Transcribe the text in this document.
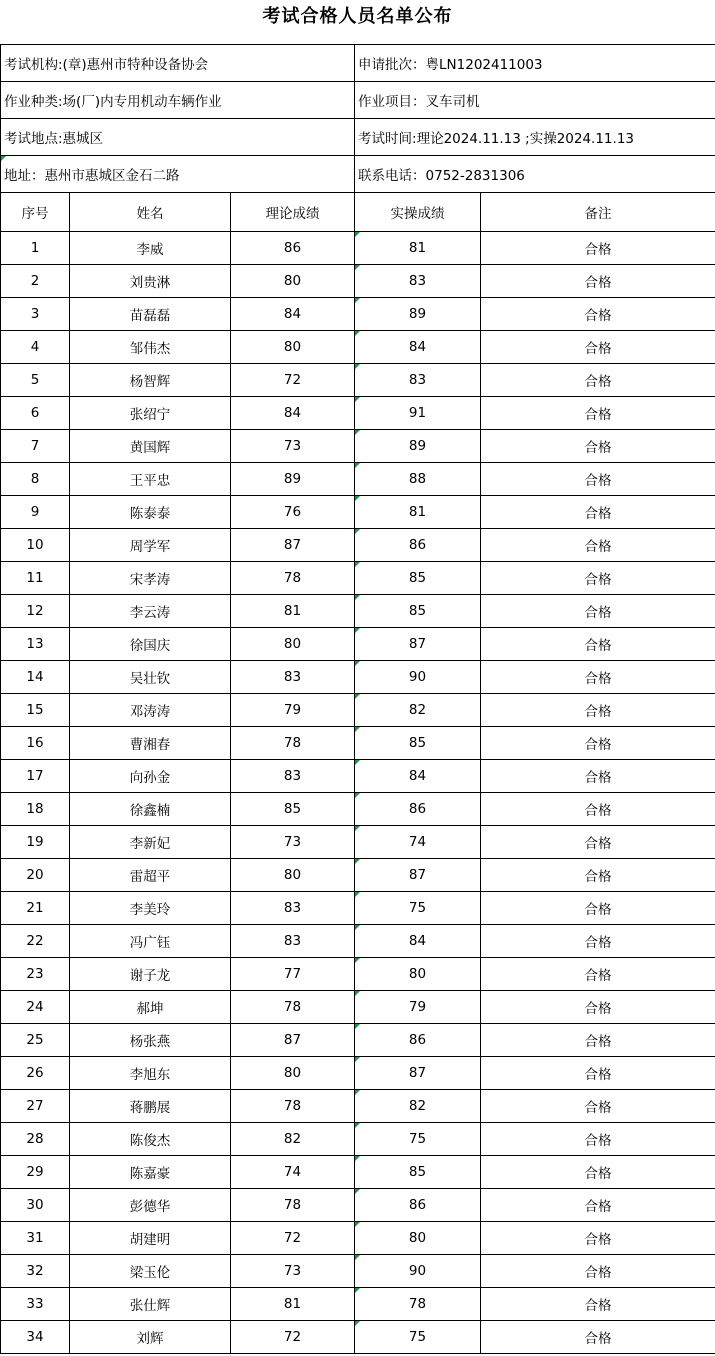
考试合格人员名单公布
考试机构:(章)惠州市特种设备协会			申请批次：粤LN1202411003	
作业种类:场(厂)内专用机动车辆作业			作业项目：叉车司机	
考试地点:惠城区			考试时间:理论2024.11.13 ;实操2024.11.13	
地址：惠州市惠城区金石二路			联系电话：0752-2831306	
序号	姓名	理论成绩	实操成绩	备注
1	李威	86	81	合格
2	刘贵淋	80	83	合格
3	苗磊磊	84	89	合格
4	邹伟杰	80	84	合格
5	杨智辉	72	83	合格
6	张绍宁	84	91	合格
7	黄国辉	73	89	合格
8	王平忠	89	88	合格
9	陈泰泰	76	81	合格
10	周学军	87	86	合格
11	宋孝涛	78	85	合格
12	李云涛	81	85	合格
13	徐国庆	80	87	合格
14	吴壮钦	83	90	合格
15	邓涛涛	79	82	合格
16	曹湘春	78	85	合格
17	向孙金	83	84	合格
18	徐鑫楠	85	86	合格
19	李新妃	73	74	合格
20	雷超平	80	87	合格
21	李美玲	83	75	合格
22	冯广钰	83	84	合格
23	谢子龙	77	80	合格
24	郝坤	78	79	合格
25	杨张燕	87	86	合格
26	李旭东	80	87	合格
27	蒋鹏展	78	82	合格
28	陈俊杰	82	75	合格
29	陈嘉豪	74	85	合格
30	彭德华	78	86	合格
31	胡建明	72	80	合格
32	梁玉伦	73	90	合格
33	张仕辉	81	78	合格
34	刘辉	72	75	合格
